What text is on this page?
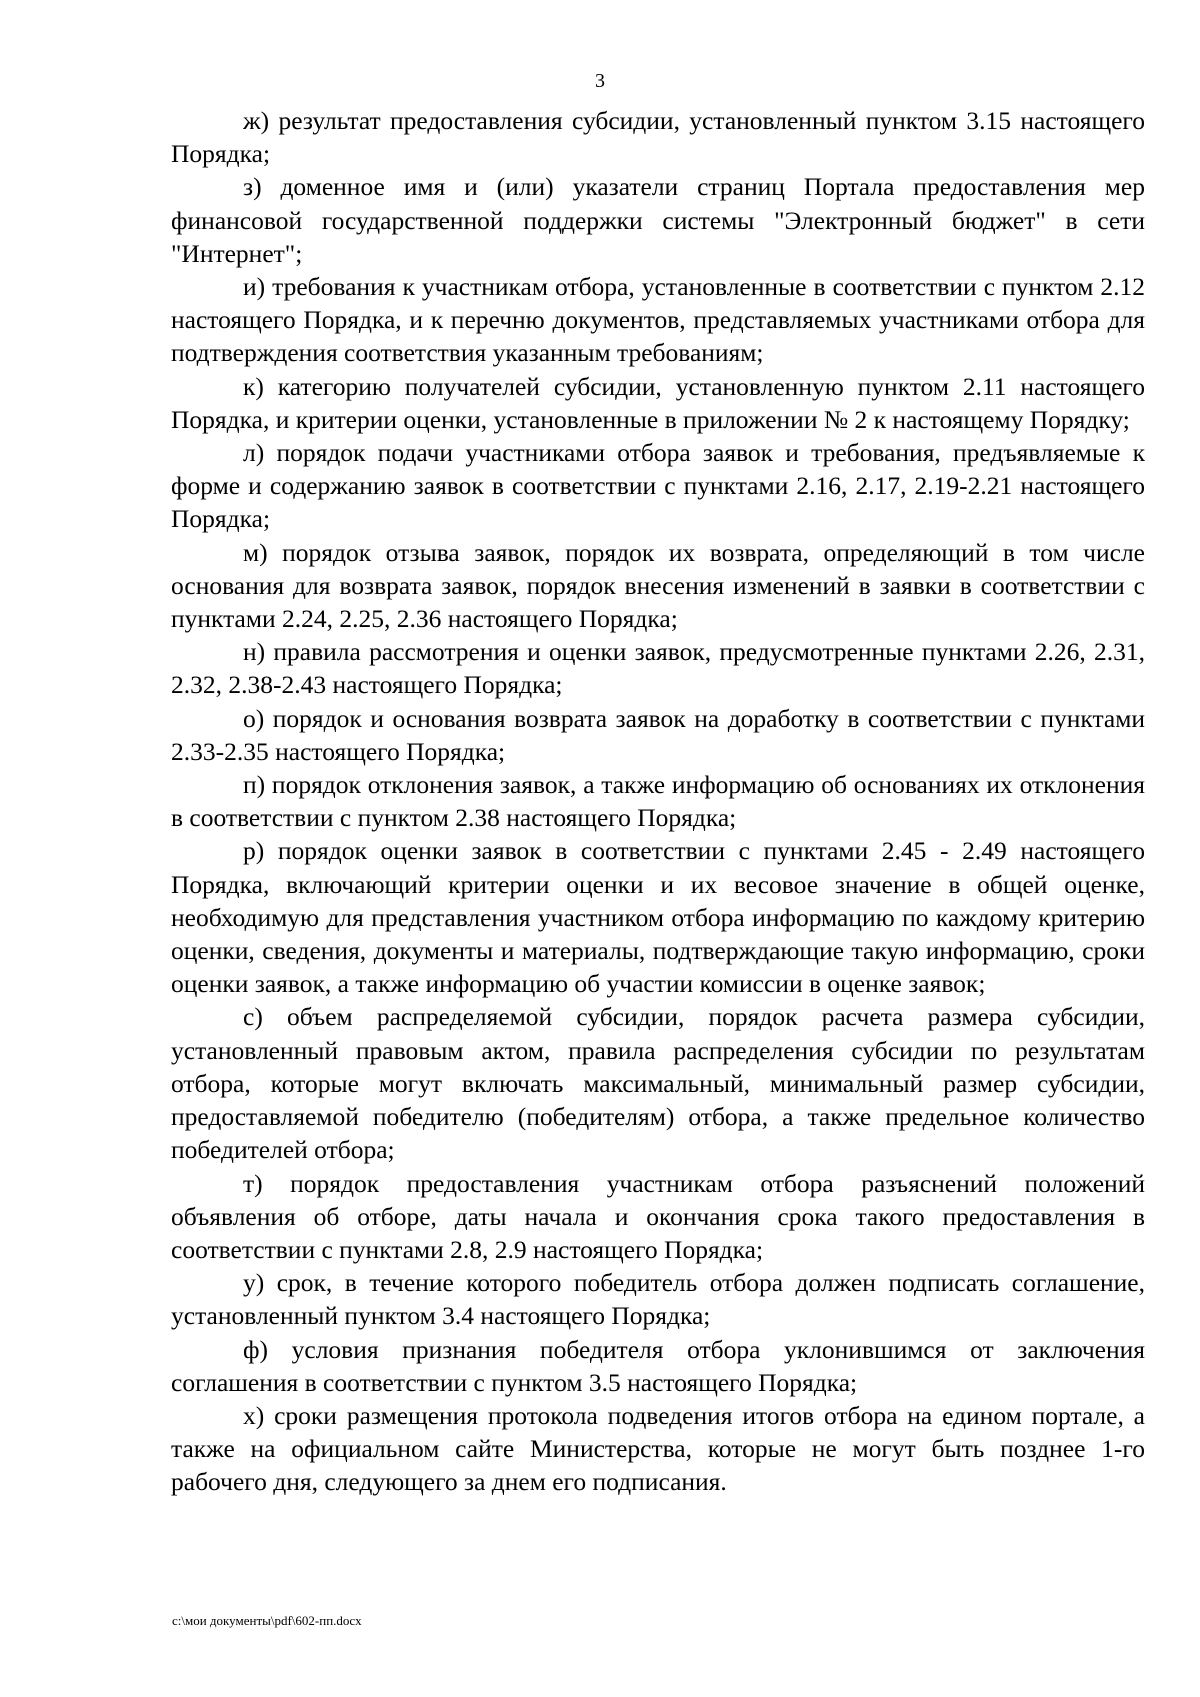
3

ж) результат предоставления субсидии, установленный пунктом 3.15 настоящего Порядка;

з) доменное имя и (или) указатели страниц Портала предоставления мер финансовой государственной поддержки системы "Электронный бюджет" в сети "Интернет";

и) требования к участникам отбора, установленные в соответствии с пунктом 2.12 настоящего Порядка, и к перечню документов, представляемых участниками отбора для подтверждения соответствия указанным требованиям;

к) категорию получателей субсидии, установленную пунктом 2.11 настоящего Порядка, и критерии оценки, установленные в приложении № 2 к настоящему Порядку;

л) порядок подачи участниками отбора заявок и требования, предъявляемые к форме и содержанию заявок в соответствии с пунктами 2.16, 2.17, 2.19-2.21 настоящего Порядка;

м) порядок отзыва заявок, порядок их возврата, определяющий в том числе основания для возврата заявок, порядок внесения изменений в заявки в соответствии с пунктами 2.24, 2.25, 2.36 настоящего Порядка;

н) правила рассмотрения и оценки заявок, предусмотренные пунктами 2.26, 2.31, 2.32, 2.38-2.43 настоящего Порядка;

о) порядок и основания возврата заявок на доработку в соответствии с пунктами 2.33-2.35 настоящего Порядка;

п) порядок отклонения заявок, а также информацию об основаниях их отклонения в соответствии с пунктом 2.38 настоящего Порядка;

р) порядок оценки заявок в соответствии с пунктами 2.45 - 2.49 настоящего Порядка, включающий критерии оценки и их весовое значение в общей оценке, необходимую для представления участником отбора информацию по каждому критерию оценки, сведения, документы и материалы, подтверждающие такую информацию, сроки оценки заявок, а также информацию об участии комиссии в оценке заявок;

с) объем распределяемой субсидии, порядок расчета размера субсидии, установленный правовым актом, правила распределения субсидии по результатам отбора, которые могут включать максимальный, минимальный размер субсидии, предоставляемой победителю (победителям) отбора, а также предельное количество победителей отбора;

т) порядок предоставления участникам отбора разъяснений положений объявления об отборе, даты начала и окончания срока такого предоставления в соответствии с пунктами 2.8, 2.9 настоящего Порядка;

у) срок, в течение которого победитель отбора должен подписать соглашение, установленный пунктом 3.4 настоящего Порядка;

ф) условия признания победителя отбора уклонившимся от заключения соглашения в соответствии с пунктом 3.5 настоящего Порядка;

х) сроки размещения протокола подведения итогов отбора на едином портале, а также на официальном сайте Министерства, которые не могут быть позднее 1-го рабочего дня, следующего за днем его подписания.

c:\мои документы\pdf\602-пп.docx
